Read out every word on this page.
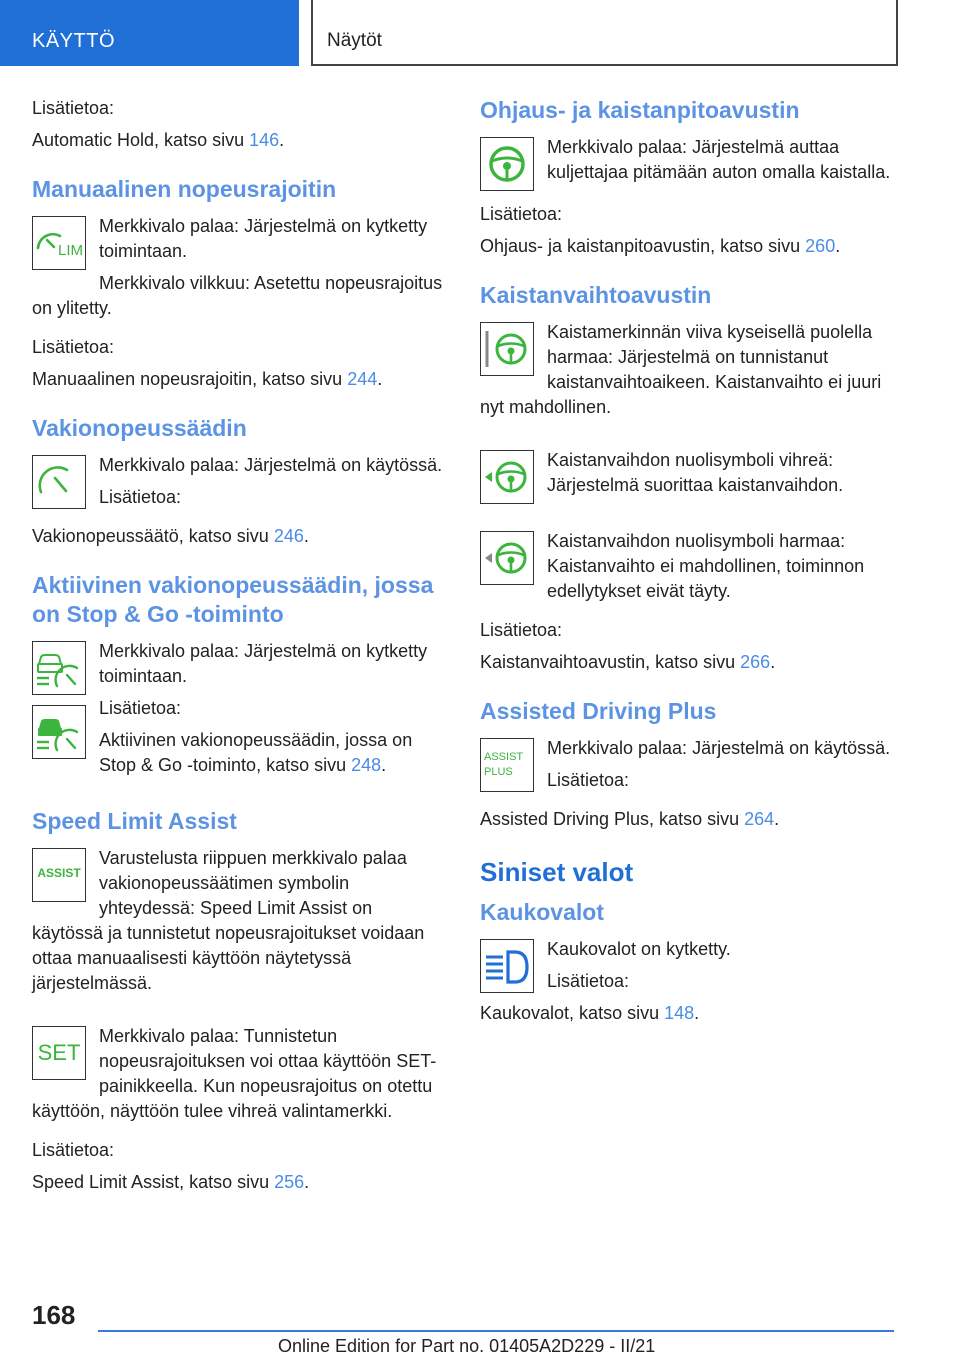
KÄYTTÖ	Näytöt

Lisätietoa:

Automatic Hold, katso sivu 146.

Manuaalinen nopeusrajoitin
LIM

Merkkivalo palaa: Järjestelmä on kytketty toimintaan.

Merkkivalo vilkkuu: Asetettu nopeusrajoitus on ylitetty.

Lisätietoa:

Manuaalinen nopeusrajoitin, katso sivu 244.

Vakionopeussäädin

Merkkivalo palaa: Järjestelmä on käytössä.

Lisätietoa:

Vakionopeussäätö, katso sivu 246.

Aktiivinen vakionopeussäädin, jossa on Stop & Go -toiminto

Merkkivalo palaa: Järjestelmä on kytketty toimintaan.

Lisätietoa:

Aktiivinen vakionopeussäädin, jossa on Stop & Go -toiminto, katso sivu 248.

Speed Limit Assist
ASSIST

Varustelusta riippuen merkkivalo palaa vakionopeussäätimen symbolin yhteydessä: Speed Limit Assist on käytössä ja tunnistetut nopeusrajoitukset voidaan ottaa manuaalisesti käyttöön näytetyssä järjestelmässä.

SET

Merkkivalo palaa: Tunnistetun nopeusrajoituksen voi ottaa käyttöön SET-painikkeella. Kun nopeusrajoitus on otettu käyttöön, näyttöön tulee vihreä valintamerkki.

Lisätietoa:

Speed Limit Assist, katso sivu 256.

Ohjaus- ja kaistanpitoavustin

Merkkivalo palaa: Järjestelmä auttaa kuljettajaa pitämään auton omalla kaistalla.

Lisätietoa:

Ohjaus- ja kaistanpitoavustin, katso sivu 260.

Kaistanvaihtoavustin

Kaistamerkinnän viiva kyseisellä puolella harmaa: Järjestelmä on tunnistanut kaistanvaihtoaikeen. Kaistanvaihto ei juuri nyt mahdollinen.

Kaistanvaihdon nuolisymboli vihreä: Järjestelmä suorittaa kaistanvaihdon.

Kaistanvaihdon nuolisymboli harmaa: Kaistanvaihto ei mahdollinen, toiminnon edellytykset eivät täyty.

Lisätietoa:

Kaistanvaihtoavustin, katso sivu 266.

Assisted Driving Plus
ASSIST
PLUS

Merkkivalo palaa: Järjestelmä on käytössä.

Lisätietoa:

Assisted Driving Plus, katso sivu 264.

Siniset valot
Kaukovalot

Kaukovalot on kytketty.

Lisätietoa:

Kaukovalot, katso sivu 148.

168
Online Edition for Part no. 01405A2D229 - II/21
